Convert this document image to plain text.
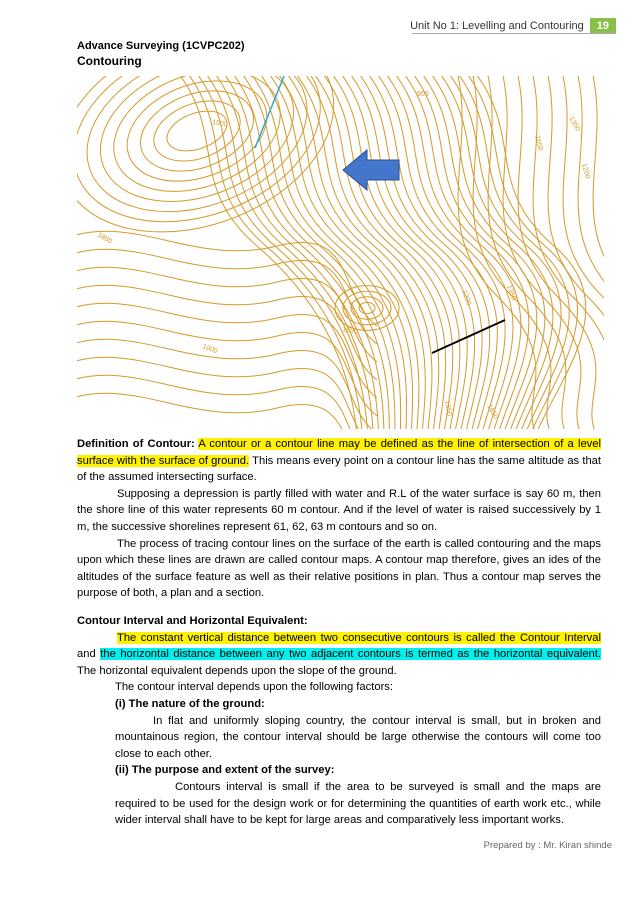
Unit No 1: Levelling and Contouring	19
Advance Surveying (1CVPC202)
Contouring
900
1000	1350
1650
1200
1800
1200
1650
1000
1650	1650
1350

Definition of Contour: A contour or a contour line may be defined as the line of intersection of a level surface with the surface of ground. This means every point on a contour line has the same altitude as that of the assumed intersecting surface.

Supposing a depression is partly filled with water and R.L of the water surface is say 60 m, then the shore line of this water represents 60 m contour. And if the level of water is raised successively by 1 m, the successive shorelines represent 61, 62, 63 m contours and so on.

The process of tracing contour lines on the surface of the earth is called contouring and the maps upon which these lines are drawn are called contour maps. A contour map therefore, gives an ides of the altitudes of the surface feature as well as their relative positions in plan. Thus a contour map serves the purpose of both, a plan and a section.

Contour Interval and Horizontal Equivalent:

The constant vertical distance between two consecutive contours is called the Contour Interval and the horizontal distance between any two adjacent contours is termed as the horizontal equivalent. The horizontal equivalent depends upon the slope of the ground.

The contour interval depends upon the following factors:

(i) The nature of the ground:

In flat and uniformly sloping country, the contour interval is small, but in broken and mountainous region, the contour interval should be large otherwise the contours will come too close to each other.

(ii) The purpose and extent of the survey:

Contours interval is small if the area to be surveyed is small and the maps are required to be used for the design work or for determining the quantities of earth work etc., while wider interval shall have to be kept for large areas and comparatively less important works.

Prepared by : Mr. Kiran shinde
